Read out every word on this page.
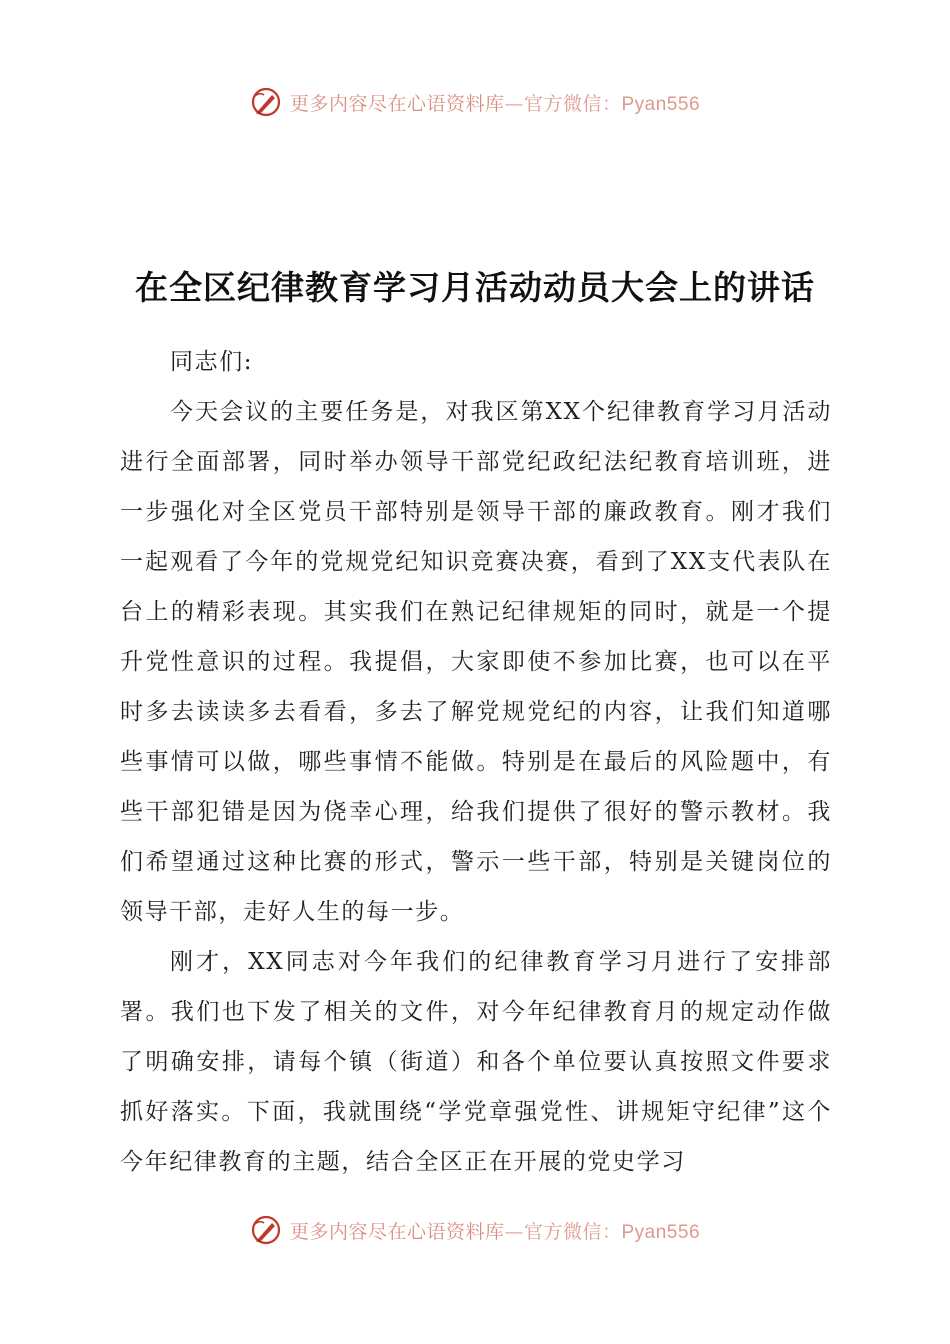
更多内容尽在心语资料库—官方微信：Pyan556
在全区纪律教育学习月活动动员大会上的讲话

同志们:

今天会议的主要任务是，对我区第XX个纪律教育学习月活动进行全面部署，同时举办领导干部党纪政纪法纪教育培训班，进一步强化对全区党员干部特别是领导干部的廉政教育。刚才我们一起观看了今年的党规党纪知识竞赛决赛，看到了XX支代表队在台上的精彩表现。其实我们在熟记纪律规矩的同时，就是一个提升党性意识的过程。我提倡，大家即使不参加比赛，也可以在平时多去读读多去看看，多去了解党规党纪的内容，让我们知道哪些事情可以做，哪些事情不能做。特别是在最后的风险题中，有些干部犯错是因为侥幸心理，给我们提供了很好的警示教材。我们希望通过这种比赛的形式，警示一些干部，特别是关键岗位的领导干部，走好人生的每一步。

刚才，XX同志对今年我们的纪律教育学习月进行了安排部署。我们也下发了相关的文件，对今年纪律教育月的规定动作做了明确安排，请每个镇（街道）和各个单位要认真按照文件要求抓好落实。下面，我就围绕“学党章强党性、讲规矩守纪律”这个今年纪律教育的主题，结合全区正在开展的党史学习

更多内容尽在心语资料库—官方微信：Pyan556
